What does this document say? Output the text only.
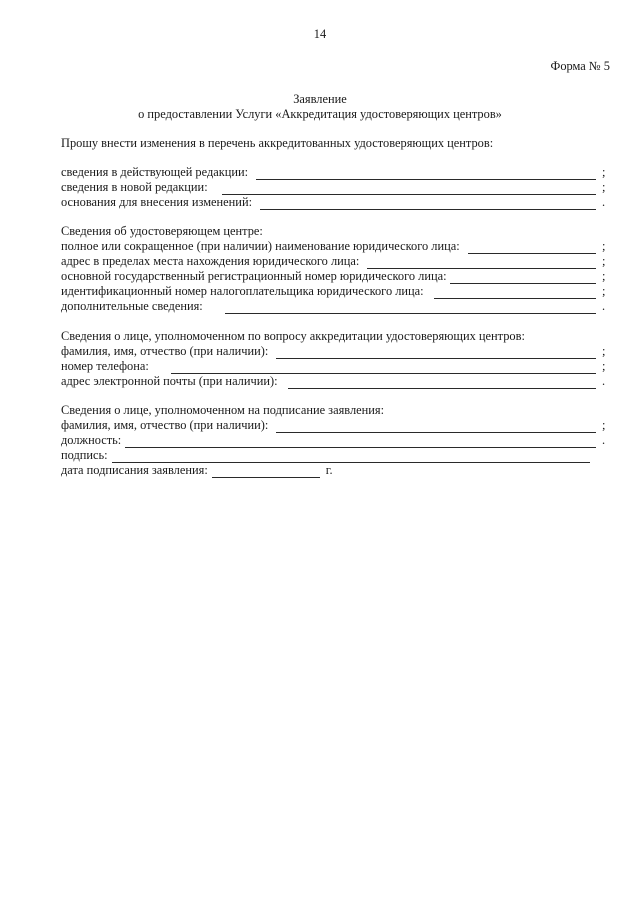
14
Форма № 5
Заявление
о предоставлении Услуги «Аккредитация удостоверяющих центров»
Прошу внести изменения в перечень аккредитованных удостоверяющих центров:
сведения в действующей редакции:	;
сведения в новой редакции:	;
основания для внесения изменений:	.
Сведения об удостоверяющем центре:
полное или сокращенное (при наличии) наименование юридического лица:	;
адрес в пределах места нахождения юридического лица:	;
основной государственный регистрационный номер юридического лица:	;
идентификационный номер налогоплательщика юридического лица:	;
дополнительные сведения:	.
Сведения о лице, уполномоченном по вопросу аккредитации удостоверяющих центров:
фамилия, имя, отчество (при наличии):	;
номер телефона:	;
адрес электронной почты (при наличии):	.
Сведения о лице, уполномоченном на подписание заявления:
фамилия, имя, отчество (при наличии):	;
должность:	.
подпись:
дата подписания заявления:	г.
